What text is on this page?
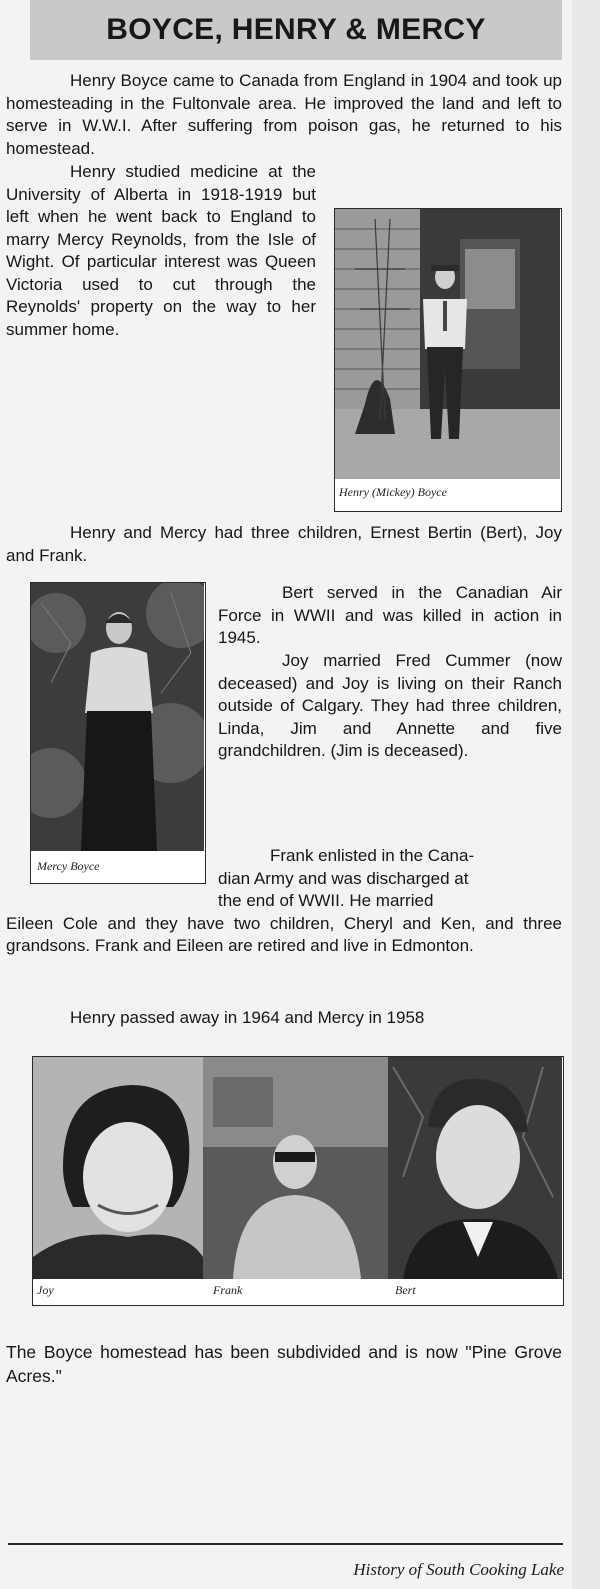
BOYCE, HENRY & MERCY

Henry Boyce came to Canada from England in 1904 and took up homesteading in the Fultonvale area. He improved the land and left to serve in W.W.I. After suffering from poison gas, he returned to his homestead.

Henry studied medicine at the University of Alberta in 1918-1919 but left when he went back to England to marry Mercy Reynolds, from the Isle of Wight. Of particular interest was Queen Victoria used to cut through the Reynolds' property on the way to her summer home.

Henry (Mickey) Boyce

Henry and Mercy had three children, Ernest Bertin (Bert), Joy and Frank.

Mercy Boyce

Bert served in the Canadian Air Force in WWII and was killed in action in 1945.

Joy married Fred Cummer (now deceased) and Joy is living on their Ranch outside of Calgary. They had three children, Linda, Jim and Annette and five grandchildren. (Jim is deceased).

Frank enlisted in the Cana-
dian Army and was discharged at
the end of WWII. He married
Eileen Cole and they have two children, Cheryl and Ken, and three grandsons. Frank and Eileen are retired and live in Edmonton.

Henry passed away in 1964 and Mercy in 1958

Joy	Frank	Bert

The Boyce homestead has been subdivided and is now "Pine Grove Acres."

History of South Cooking Lake
